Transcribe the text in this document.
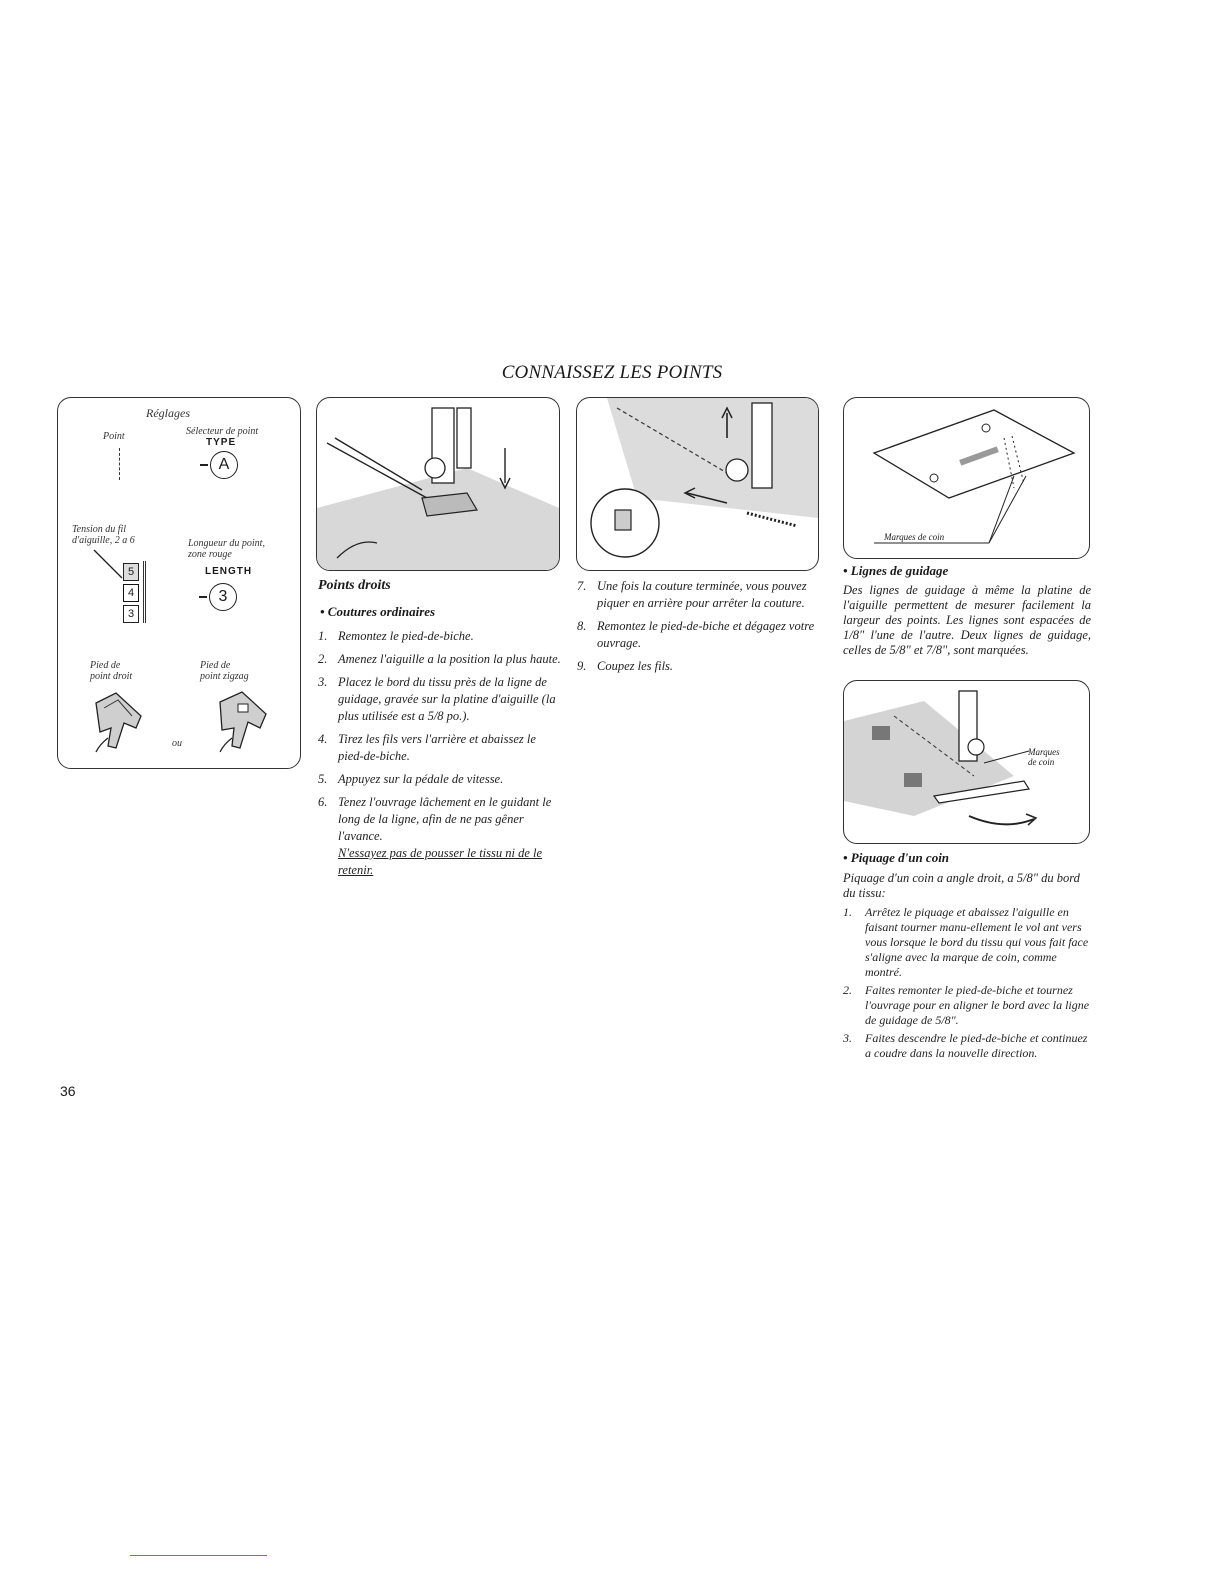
CONNAISSEZ LES POINTS
Réglages
Point	Sélecteur de point
TYPE
A
Tension du fil
d'aiguille, 2 a 6	Longueur du point,
zone rouge
5
4
3
LENGTH
3
Pied de
point droit
Pied de
point zigzag
ou
Marques de coin
Points droits
• Coutures ordinaires
1. Remontez le pied-de-biche.
2. Amenez l'aiguille a la position la plus haute.
3. Placez le bord du tissu près de la ligne de guidage, gravée sur la platine d'aiguille (la plus utilisée est a 5/8 po.).
4. Tirez les fils vers l'arrière et abaissez le pied-de-biche.
5. Appuyez sur la pédale de vitesse.
6. Tenez l'ouvrage lâchement en le guidant le long de la ligne, afin de ne pas gêner l'avance.
N'essayez pas de pousser le tissu ni de le retenir.
7. Une fois la couture terminée, vous pouvez piquer en arrière pour arrêter la couture.
8. Remontez le pied-de-biche et dégagez votre ouvrage.
9. Coupez les fils.
• Lignes de guidage
Des lignes de guidage à même la platine de l'aiguille permettent de mesurer facilement la largeur des points. Les lignes sont espacées de 1/8" l'une de l'autre. Deux lignes de guidage, celles de 5/8" et 7/8", sont marquées.
Marques
de coin
• Piquage d'un coin
Piquage d'un coin a angle droit, a 5/8" du bord du tissu:
1. Arrêtez le piquage et abaissez l'aiguille en faisant tourner manu-ellement le vol ant vers vous lorsque le bord du tissu qui vous fait face s'aligne avec la marque de coin, comme montré.
2. Faites remonter le pied-de-biche et tournez l'ouvrage pour en aligner le bord avec la ligne de guidage de 5/8".
3. Faites descendre le pied-de-biche et continuez a coudre dans la nouvelle direction.
36
